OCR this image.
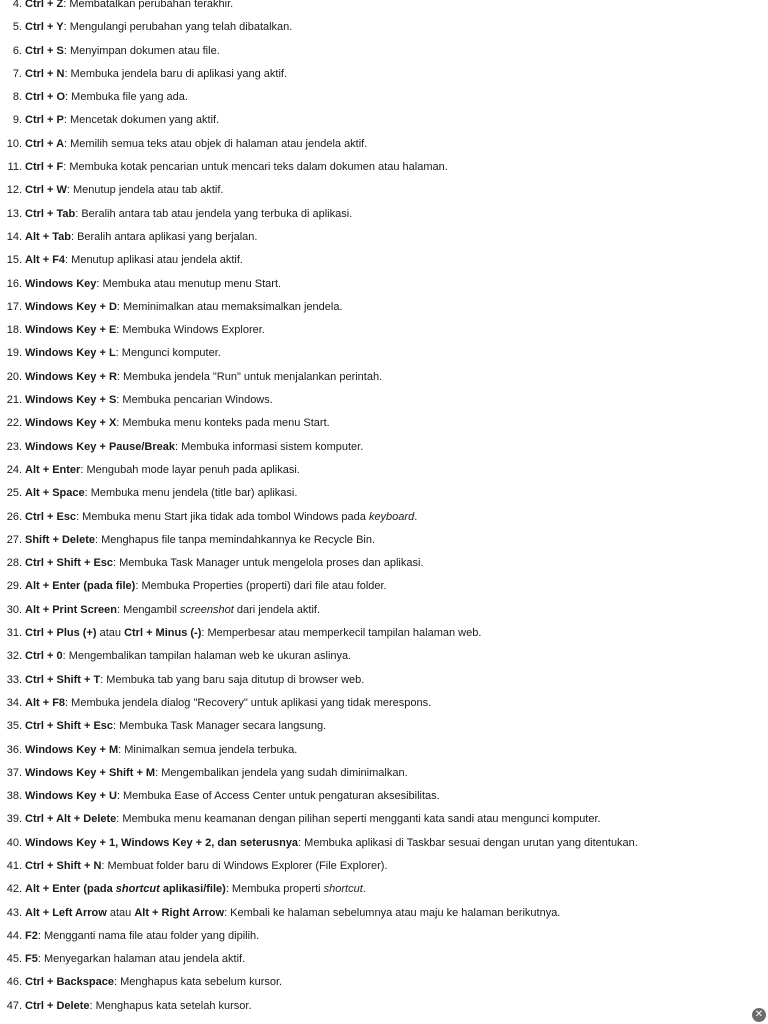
4. Ctrl + Z: Membatalkan perubahan terakhir.
5. Ctrl + Y: Mengulangi perubahan yang telah dibatalkan.
6. Ctrl + S: Menyimpan dokumen atau file.
7. Ctrl + N: Membuka jendela baru di aplikasi yang aktif.
8. Ctrl + O: Membuka file yang ada.
9. Ctrl + P: Mencetak dokumen yang aktif.
10. Ctrl + A: Memilih semua teks atau objek di halaman atau jendela aktif.
11. Ctrl + F: Membuka kotak pencarian untuk mencari teks dalam dokumen atau halaman.
12. Ctrl + W: Menutup jendela atau tab aktif.
13. Ctrl + Tab: Beralih antara tab atau jendela yang terbuka di aplikasi.
14. Alt + Tab: Beralih antara aplikasi yang berjalan.
15. Alt + F4: Menutup aplikasi atau jendela aktif.
16. Windows Key: Membuka atau menutup menu Start.
17. Windows Key + D: Meminimalkan atau memaksimalkan jendela.
18. Windows Key + E: Membuka Windows Explorer.
19. Windows Key + L: Mengunci komputer.
20. Windows Key + R: Membuka jendela "Run" untuk menjalankan perintah.
21. Windows Key + S: Membuka pencarian Windows.
22. Windows Key + X: Membuka menu konteks pada menu Start.
23. Windows Key + Pause/Break: Membuka informasi sistem komputer.
24. Alt + Enter: Mengubah mode layar penuh pada aplikasi.
25. Alt + Space: Membuka menu jendela (title bar) aplikasi.
26. Ctrl + Esc: Membuka menu Start jika tidak ada tombol Windows pada keyboard.
27. Shift + Delete: Menghapus file tanpa memindahkannya ke Recycle Bin.
28. Ctrl + Shift + Esc: Membuka Task Manager untuk mengelola proses dan aplikasi.
29. Alt + Enter (pada file): Membuka Properties (properti) dari file atau folder.
30. Alt + Print Screen: Mengambil screenshot dari jendela aktif.
31. Ctrl + Plus (+) atau Ctrl + Minus (-): Memperbesar atau memperkecil tampilan halaman web.
32. Ctrl + 0: Mengembalikan tampilan halaman web ke ukuran aslinya.
33. Ctrl + Shift + T: Membuka tab yang baru saja ditutup di browser web.
34. Alt + F8: Membuka jendela dialog "Recovery" untuk aplikasi yang tidak merespons.
35. Ctrl + Shift + Esc: Membuka Task Manager secara langsung.
36. Windows Key + M: Minimalkan semua jendela terbuka.
37. Windows Key + Shift + M: Mengembalikan jendela yang sudah diminimalkan.
38. Windows Key + U: Membuka Ease of Access Center untuk pengaturan aksesibilitas.
39. Ctrl + Alt + Delete: Membuka menu keamanan dengan pilihan seperti mengganti kata sandi atau mengunci komputer.
40. Windows Key + 1, Windows Key + 2, dan seterusnya: Membuka aplikasi di Taskbar sesuai dengan urutan yang ditentukan.
41. Ctrl + Shift + N: Membuat folder baru di Windows Explorer (File Explorer).
42. Alt + Enter (pada shortcut aplikasi/file): Membuka properti shortcut.
43. Alt + Left Arrow atau Alt + Right Arrow: Kembali ke halaman sebelumnya atau maju ke halaman berikutnya.
44. F2: Mengganti nama file atau folder yang dipilih.
45. F5: Menyegarkan halaman atau jendela aktif.
46. Ctrl + Backspace: Menghapus kata sebelum kursor.
47. Ctrl + Delete: Menghapus kata setelah kursor.
✕
